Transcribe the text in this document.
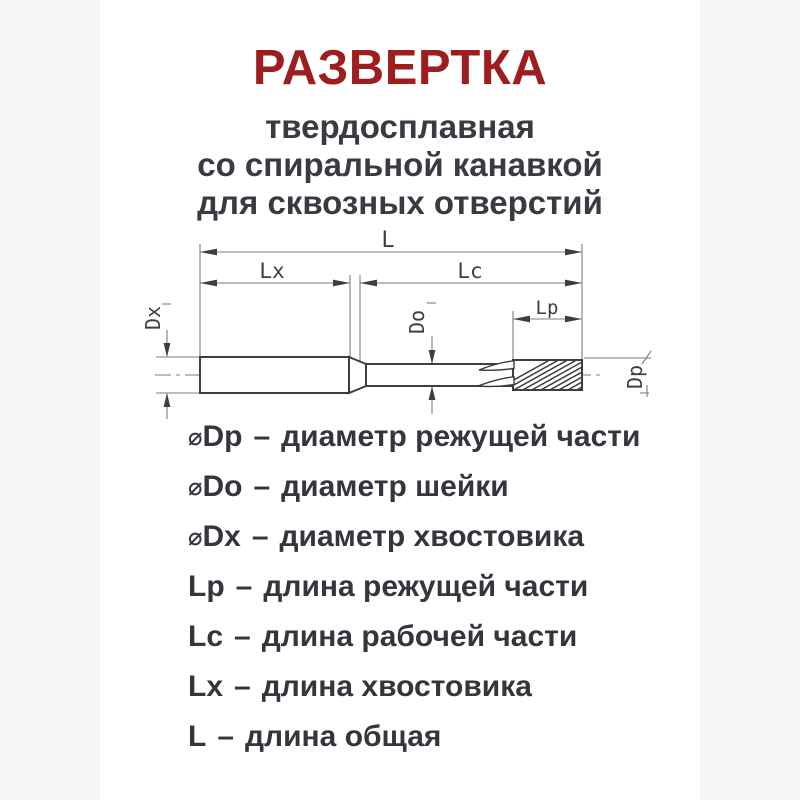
РАЗВЕРТКА
твердосплавная
со спиральной канавкой
для сквозных отверстий
L
Lx	Lc
Lp
Dx	Do
Dp
⌀Dp – диаметр режущей части
⌀Do – диаметр шейки
⌀Dx – диаметр хвостовика
Lp – длина режущей части
Lc – длина рабочей части
Lx – длина хвостовика
L – длина общая
